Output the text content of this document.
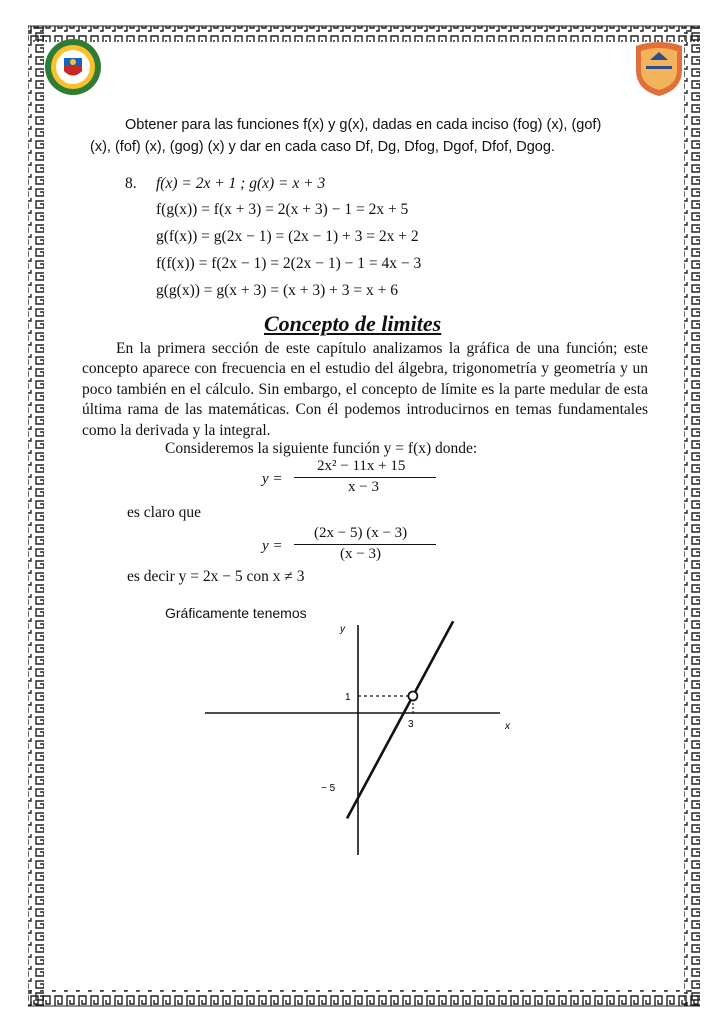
Obtener para las funciones f(x) y g(x), dadas en cada inciso (fog) (x), (gof)
(x), (fof) (x), (gog) (x) y dar en cada caso Df, Dg, Dfog, Dgof, Dfof, Dgog.
8. f(x) = 2x + 1 ; g(x) = x + 3
f(g(x)) = f(x + 3) = 2(x + 3) − 1 = 2x + 5
g(f(x)) = g(2x − 1) = (2x − 1) + 3 = 2x + 2
f(f(x)) = f(2x − 1) = 2(2x − 1) − 1 = 4x − 3
g(g(x)) = g(x + 3) = (x + 3) + 3 = x + 6
Concepto de limites

En la primera sección de este capítulo analizamos la gráfica de una función; este concepto aparece con frecuencia en el estudio del álgebra, trigonometría y geometría y un poco también en el cálculo. Sin embargo, el concepto de límite es la parte medular de esta última rama de las matemáticas. Con él podemos introducirnos en temas fundamentales como la derivada y la integral.

Consideremos la siguiente función y = f(x) donde:
y =
2x² − 11x + 15
x − 3
es claro que
y =
(2x − 5) (x − 3)
(x − 3)
es decir y = 2x − 5 con x ≠ 3
Gráficamente tenemos
x
y
1
3
− 5
